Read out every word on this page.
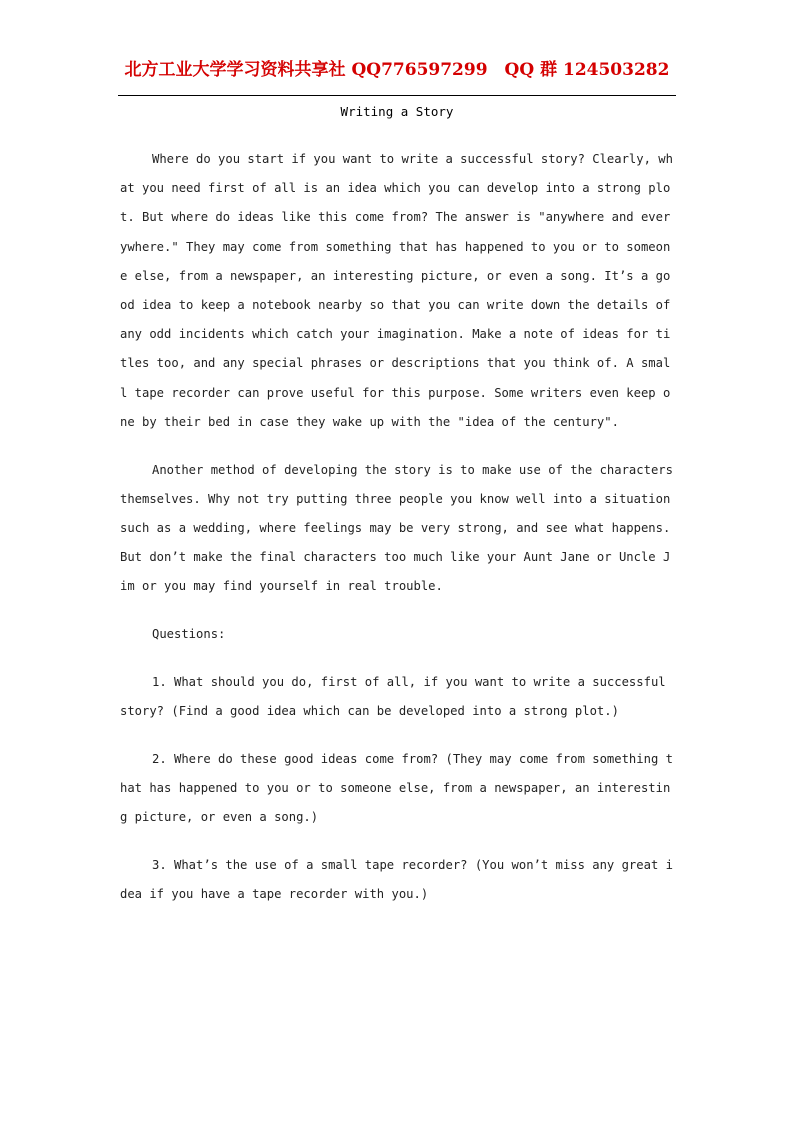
北方工业大学学习资料共享社 QQ776597299　QQ 群 124503282
Writing a Story

Where do you start if you want to write a successful story? Clearly, what you need first of all is an idea which you can develop into a strong plot. But where do ideas like this come from? The answer is "anywhere and everywhere." They may come from something that has happened to you or to someone else, from a newspaper, an interesting picture, or even a song. It’s a good idea to keep a notebook nearby so that you can write down the details of any odd incidents which catch your imagination. Make a note of ideas for titles too, and any special phrases or descriptions that you think of. A small tape recorder can prove useful for this purpose. Some writers even keep one by their bed in case they wake up with the "idea of the century".

Another method of developing the story is to make use of the characters themselves. Why not try putting three people you know well into a situation such as a wedding, where feelings may be very strong, and see what happens. But don’t make the final characters too much like your Aunt Jane or Uncle Jim or you may find yourself in real trouble.

Questions:

1. What should you do, first of all, if you want to write a successful story? (Find a good idea which can be developed into a strong plot.)

2. Where do these good ideas come from? (They may come from something that has happened to you or to someone else, from a newspaper, an interesting picture, or even a song.)

3. What’s the use of a small tape recorder? (You won’t miss any great idea if you have a tape recorder with you.)
